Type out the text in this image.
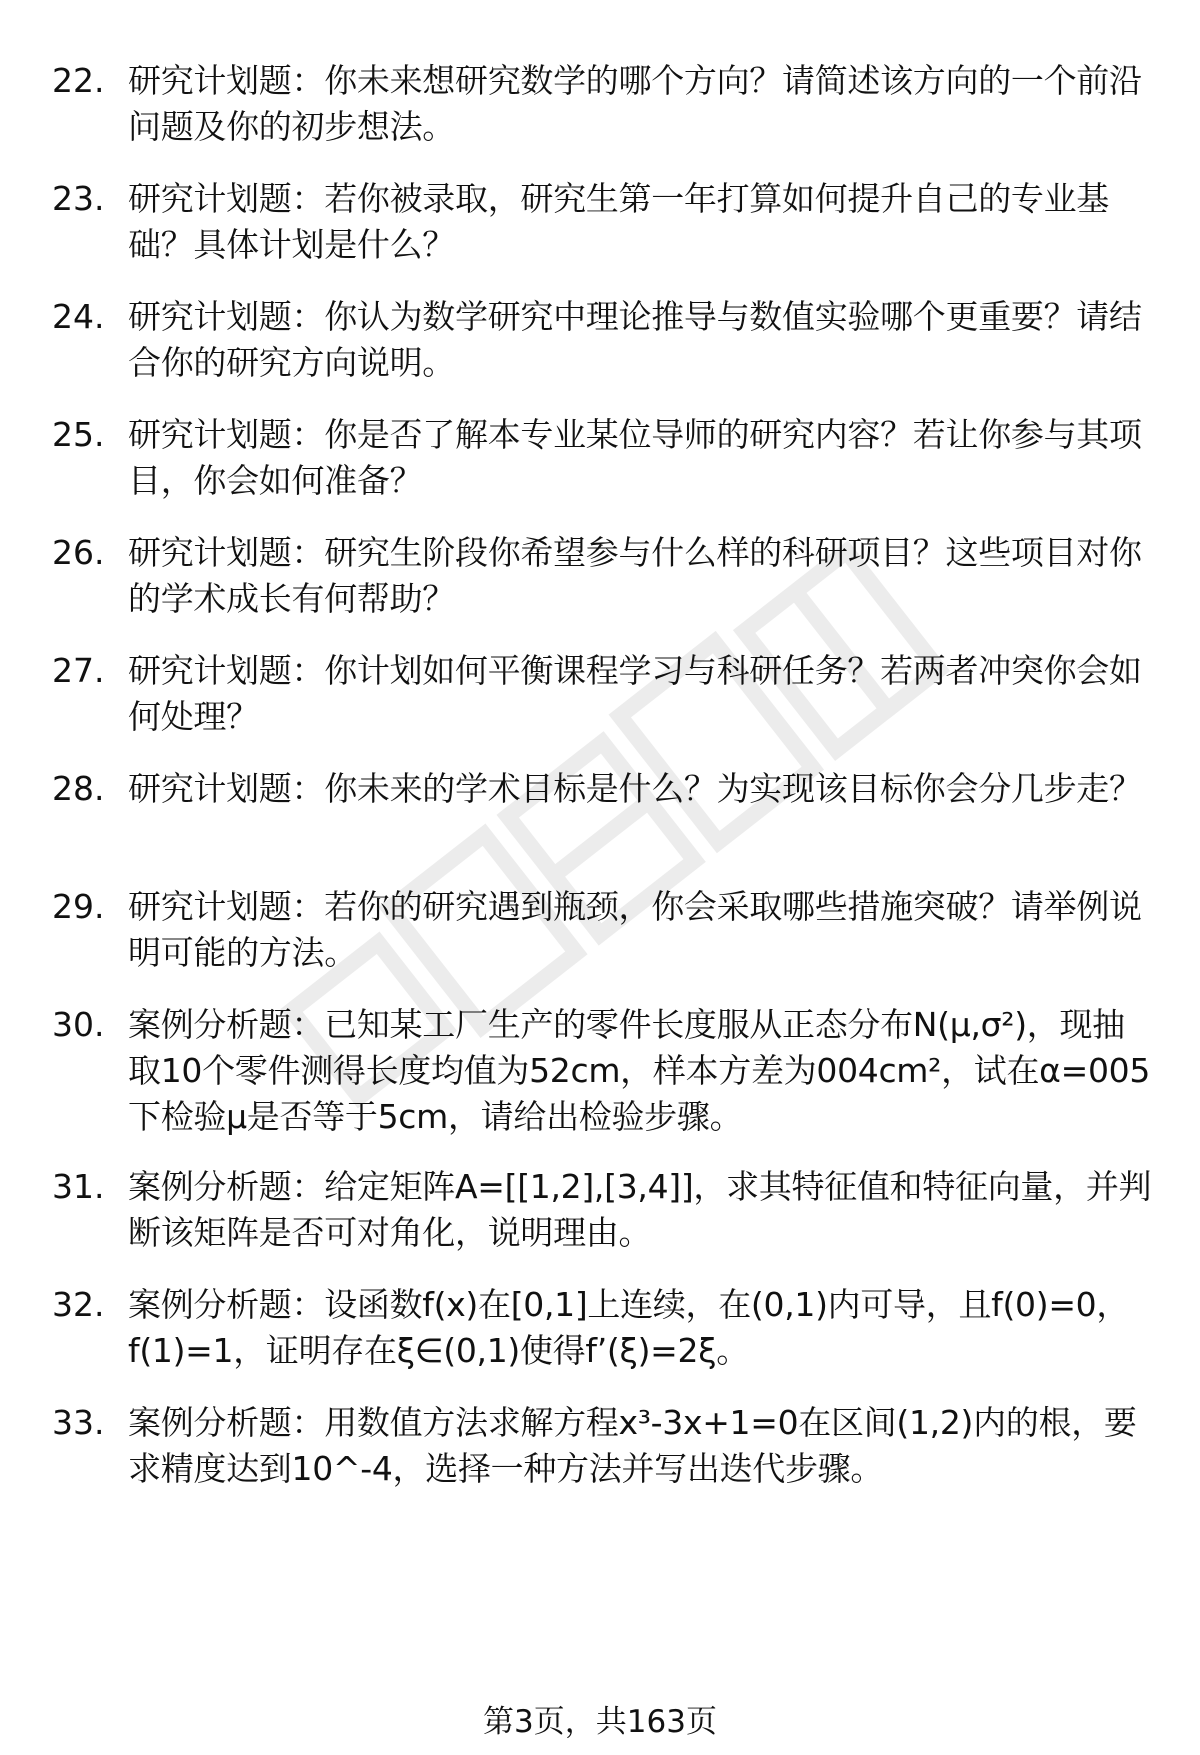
22. 研究计划题：你未来想研究数学的哪个方向？请简述该方向的一个前沿问题及你的初步想法。
23. 研究计划题：若你被录取，研究生第一年打算如何提升自己的专业基础？具体计划是什么？
24. 研究计划题：你认为数学研究中理论推导与数值实验哪个更重要？请结合你的研究方向说明。
25. 研究计划题：你是否了解本专业某位导师的研究内容？若让你参与其项目，你会如何准备？
26. 研究计划题：研究生阶段你希望参与什么样的科研项目？这些项目对你的学术成长有何帮助？
27. 研究计划题：你计划如何平衡课程学习与科研任务？若两者冲突你会如何处理？
28. 研究计划题：你未来的学术目标是什么？为实现该目标你会分几步走？
29. 研究计划题：若你的研究遇到瓶颈，你会采取哪些措施突破？请举例说明可能的方法。
30. 案例分析题：已知某工厂生产的零件长度服从正态分布N(μ,σ²)，现抽取10个零件测得长度均值为52cm，样本方差为004cm²，试在α=005下检验μ是否等于5cm，请给出检验步骤。
31. 案例分析题：给定矩阵A=[[1,2],[3,4]]，求其特征值和特征向量，并判断该矩阵是否可对角化，说明理由。
32. 案例分析题：设函数f(x)在[0,1]上连续，在(0,1)内可导，且f(0)=0，f(1)=1，证明存在ξ∈(0,1)使得f’(ξ)=2ξ。
33. 案例分析题：用数值方法求解方程x³-3x+1=0在区间(1,2)内的根，要求精度达到10^-4，选择一种方法并写出迭代步骤。
第3页，共163页
